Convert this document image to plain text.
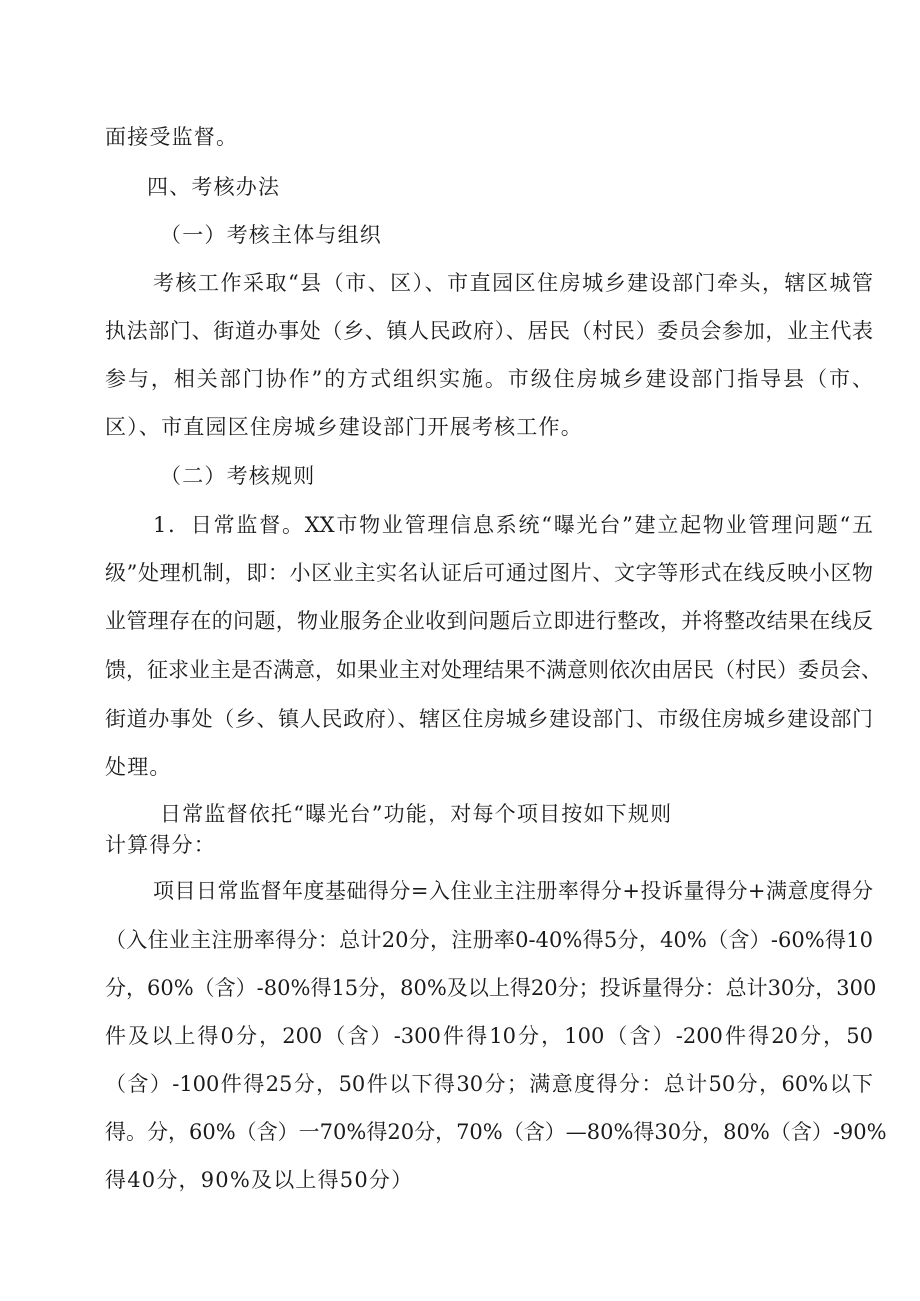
面接受监督。
四、考核办法
（一）考核主体与组织
考核工作采取“县（市、区）、市直园区住房城乡建设部门牵头，辖区城管
执法部门、街道办事处（乡、镇人民政府）、居民（村民）委员会参加，业主代表
参与，相关部门协作”的方式组织实施。市级住房城乡建设部门指导县（市、
区）、市直园区住房城乡建设部门开展考核工作。
（二）考核规则
1．日常监督。XX市物业管理信息系统“曝光台”建立起物业管理问题“五
级”处理机制，即：小区业主实名认证后可通过图片、文字等形式在线反映小区物
业管理存在的问题，物业服务企业收到问题后立即进行整改，并将整改结果在线反
馈，征求业主是否满意，如果业主对处理结果不满意则依次由居民（村民）委员会、
街道办事处（乡、镇人民政府）、辖区住房城乡建设部门、市级住房城乡建设部门
处理。
日常监督依托“曝光台”功能，对每个项目按如下规则
计算得分：
项目日常监督年度基础得分=入住业主注册率得分+投诉量得分+满意度得分
（入住业主注册率得分：总计20分，注册率0-40%得5分，40%（含）-60%得10
分，60%（含）-80%得15分，80%及以上得20分；投诉量得分：总计30分，300
件及以上得0分，200（含）-300件得10分，100（含）-200件得20分，50
（含）-100件得25分，50件以下得30分；满意度得分：总计50分，60%以下
得。分，60%（含）一70%得20分，70%（含）—80%得30分，80%（含）-90%
得40分，90%及以上得50分）
